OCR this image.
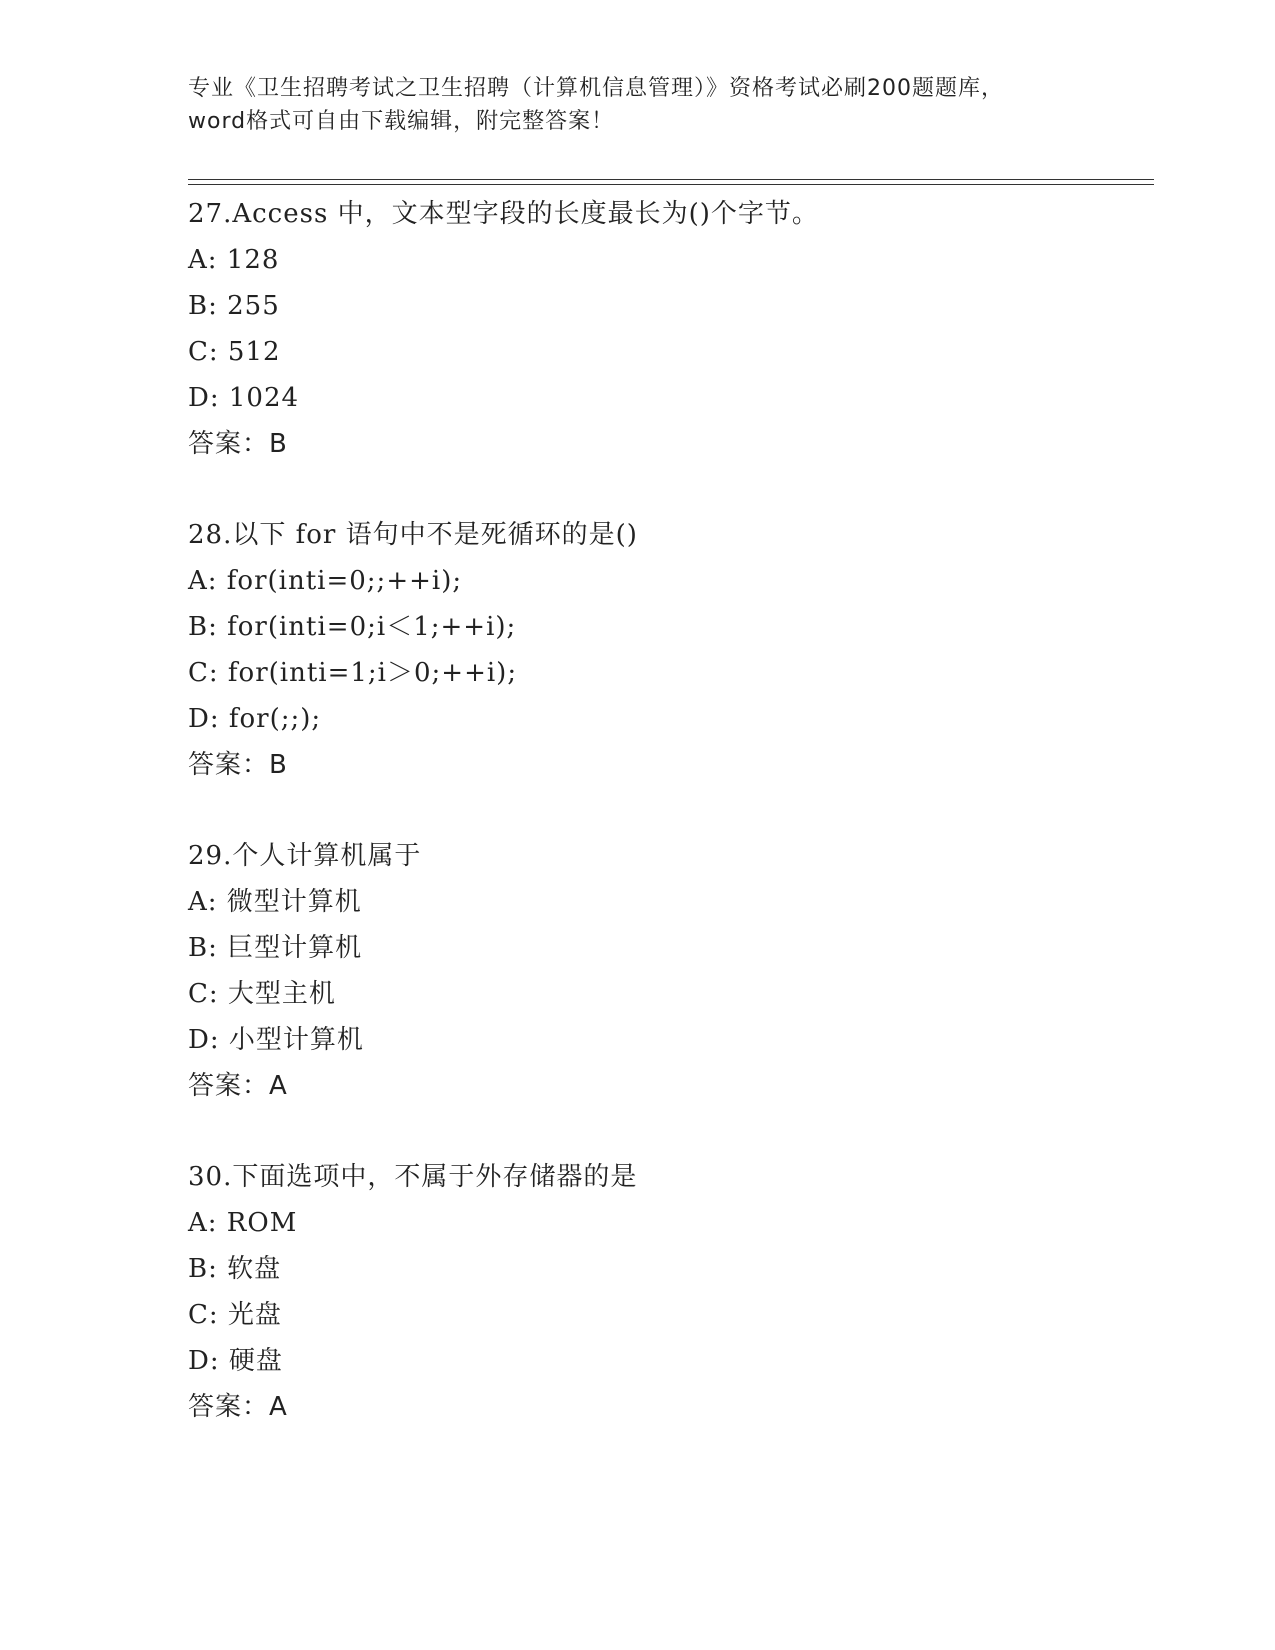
专业《卫生招聘考试之卫生招聘（计算机信息管理）》资格考试必刷200题题库，
word格式可自由下载编辑，附完整答案！
27.Access 中，文本型字段的长度最长为()个字节。
A: 128
B: 255
C: 512
D: 1024
答案：B
28.以下 for 语句中不是死循环的是()
A: for(inti=0;;++i);
B: for(inti=0;i＜1;++i);
C: for(inti=1;i＞0;++i);
D: for(;;);
答案：B
29.个人计算机属于
A: 微型计算机
B: 巨型计算机
C: 大型主机
D: 小型计算机
答案：A
30.下面选项中，不属于外存储器的是
A: ROM
B: 软盘
C: 光盘
D: 硬盘
答案：A
